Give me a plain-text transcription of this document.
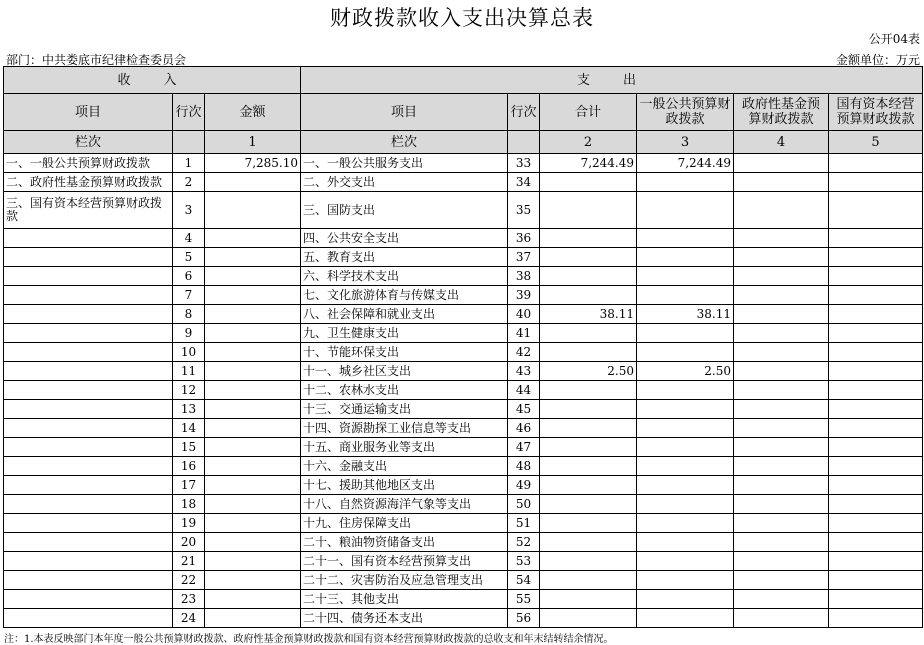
财政拨款收入支出决算总表
公开04表
部门：中共娄底市纪律检查委员会	金额单位：万元
收　入			支　出					
项目	行次	金额	项目	行次	合计	一般公共预算财政拨款	政府性基金预算财政拨款	国有资本经营预算财政拨款
栏次		1	栏次		2	3	4	5
一、一般公共预算财政拨款	1	7,285.10	一、一般公共服务支出	33	7,244.49	7,244.49		
二、政府性基金预算财政拨款	2		二、外交支出	34				
三、国有资本经营预算财政拨款	3		三、国防支出	35				
	4		四、公共安全支出	36				
	5		五、教育支出	37				
	6		六、科学技术支出	38				
	7		七、文化旅游体育与传媒支出	39				
	8		八、社会保障和就业支出	40	38.11	38.11		
	9		九、卫生健康支出	41				
	10		十、节能环保支出	42				
	11		十一、城乡社区支出	43	2.50	2.50		
	12		十二、农林水支出	44				
	13		十三、交通运输支出	45				
	14		十四、资源勘探工业信息等支出	46				
	15		十五、商业服务业等支出	47				
	16		十六、金融支出	48				
	17		十七、援助其他地区支出	49				
	18		十八、自然资源海洋气象等支出	50				
	19		十九、住房保障支出	51				
	20		二十、粮油物资储备支出	52				
	21		二十一、国有资本经营预算支出	53				
	22		二十二、灾害防治及应急管理支出	54				
	23		二十三、其他支出	55				
	24		二十四、债务还本支出	56				
注：1.本表反映部门本年度一般公共预算财政拨款、政府性基金预算财政拨款和国有资本经营预算财政拨款的总收支和年末结转结余情况。
